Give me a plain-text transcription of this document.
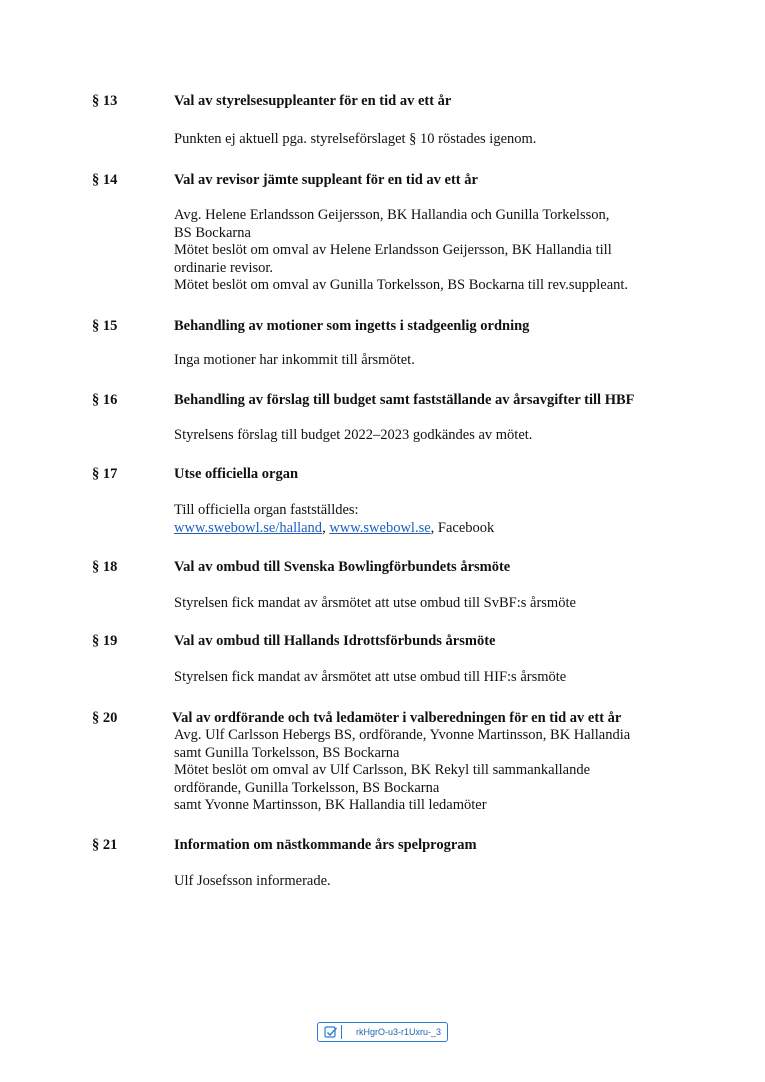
§ 13	Val av styrelsesuppleanter för en tid av ett år
Punkten ej aktuell pga. styrelseförslaget § 10 röstades igenom.
§ 14	Val av revisor jämte suppleant för en tid av ett år
Avg. Helene Erlandsson Geijersson, BK Hallandia och Gunilla Torkelsson,
BS Bockarna
Mötet beslöt om omval av Helene Erlandsson Geijersson, BK Hallandia till
ordinarie revisor.
Mötet beslöt om omval av Gunilla Torkelsson, BS Bockarna till rev.suppleant.
§ 15	Behandling av motioner som ingetts i stadgeenlig ordning
Inga motioner har inkommit till årsmötet.
§ 16	Behandling av förslag till budget samt fastställande av årsavgifter till HBF
Styrelsens förslag till budget 2022–2023 godkändes av mötet.
§ 17	Utse officiella organ
Till officiella organ fastställdes:
www.swebowl.se/halland, www.swebowl.se, Facebook
§ 18	Val av ombud till Svenska Bowlingförbundets årsmöte
Styrelsen fick mandat av årsmötet att utse ombud till SvBF:s årsmöte
§ 19	Val av ombud till Hallands Idrottsförbunds årsmöte
Styrelsen fick mandat av årsmötet att utse ombud till HIF:s årsmöte
§ 20	Val av ordförande och två ledamöter i valberedningen för en tid av ett år
Avg. Ulf Carlsson Hebergs BS, ordförande, Yvonne Martinsson, BK Hallandia
samt Gunilla Torkelsson, BS Bockarna
Mötet beslöt om omval av Ulf Carlsson, BK Rekyl till sammankallande
ordförande, Gunilla Torkelsson, BS Bockarna
samt Yvonne Martinsson, BK Hallandia till ledamöter
§ 21	Information om nästkommande års spelprogram
Ulf Josefsson informerade.
rkHgrO-u3-r1Uxru-_3
